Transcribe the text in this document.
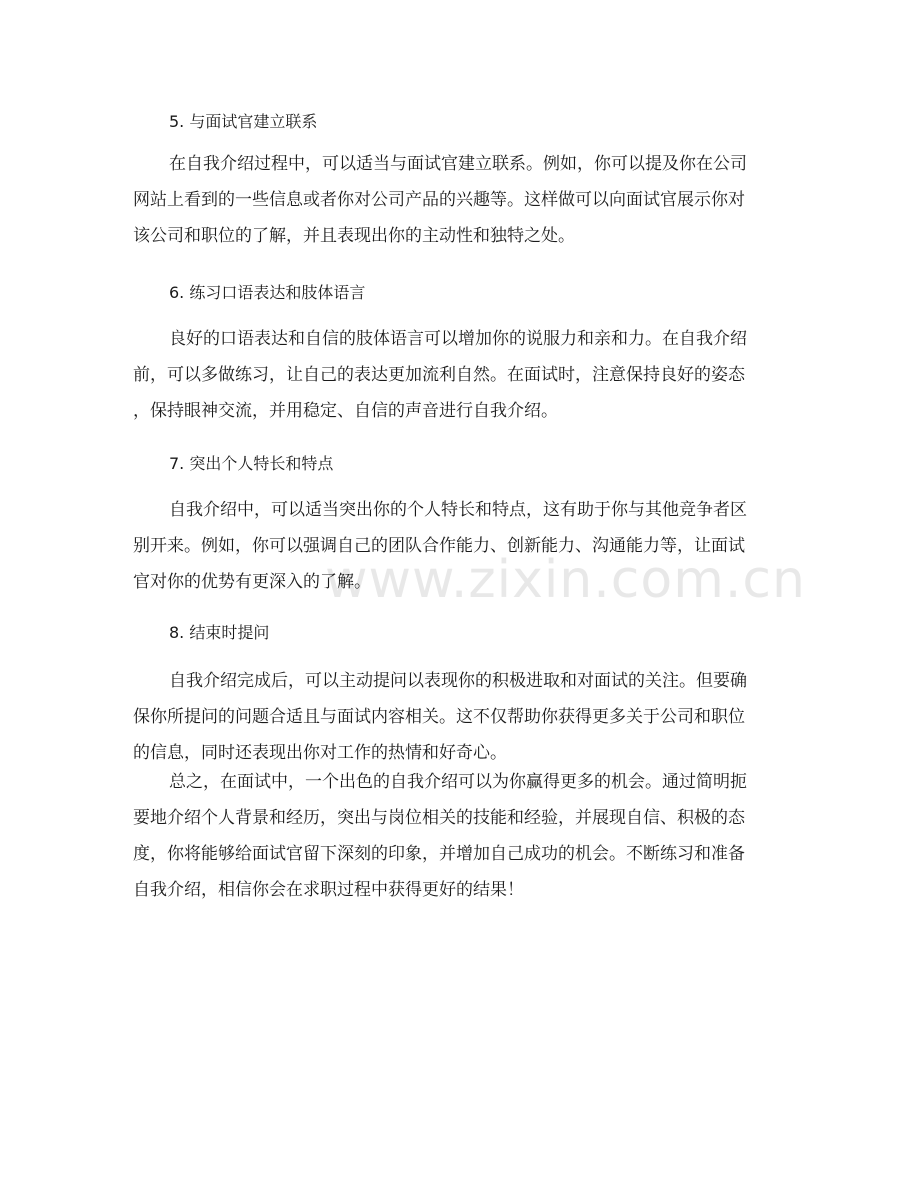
www.zixin.com.cn
5. 与面试官建立联系
在自我介绍过程中，可以适当与面试官建立联系。例如，你可以提及你在公司
网站上看到的一些信息或者你对公司产品的兴趣等。这样做可以向面试官展示你对
该公司和职位的了解，并且表现出你的主动性和独特之处。
6. 练习口语表达和肢体语言
良好的口语表达和自信的肢体语言可以增加你的说服力和亲和力。在自我介绍
前，可以多做练习，让自己的表达更加流利自然。在面试时，注意保持良好的姿态
，保持眼神交流，并用稳定、自信的声音进行自我介绍。
7. 突出个人特长和特点
自我介绍中，可以适当突出你的个人特长和特点，这有助于你与其他竞争者区
别开来。例如，你可以强调自己的团队合作能力、创新能力、沟通能力等，让面试
官对你的优势有更深入的了解。
8. 结束时提问
自我介绍完成后，可以主动提问以表现你的积极进取和对面试的关注。但要确
保你所提问的问题合适且与面试内容相关。这不仅帮助你获得更多关于公司和职位
的信息，同时还表现出你对工作的热情和好奇心。
总之，在面试中，一个出色的自我介绍可以为你赢得更多的机会。通过简明扼
要地介绍个人背景和经历，突出与岗位相关的技能和经验，并展现自信、积极的态
度，你将能够给面试官留下深刻的印象，并增加自己成功的机会。不断练习和准备
自我介绍，相信你会在求职过程中获得更好的结果！
